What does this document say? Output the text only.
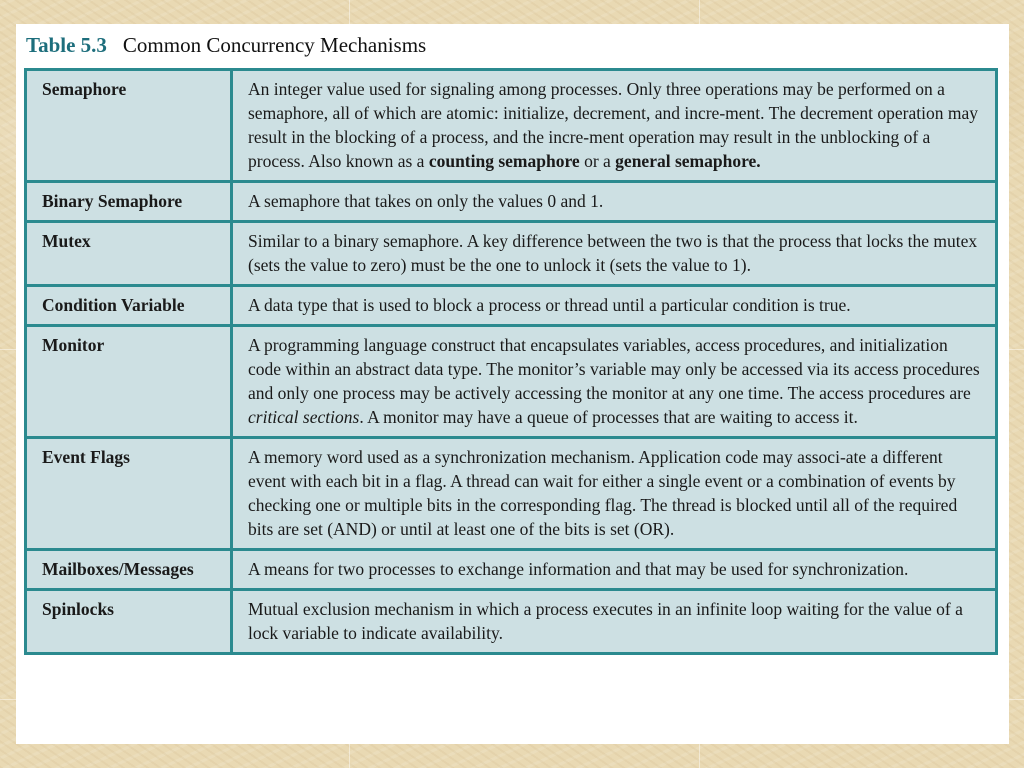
Table 5.3 Common Concurrency Mechanisms
Semaphore	An integer value used for signaling among processes. Only three operations may be performed on a semaphore, all of which are atomic: initialize, decrement, and incre-ment. The decrement operation may result in the blocking of a process, and the incre-ment operation may result in the unblocking of a process. Also known as a counting semaphore or a general semaphore.
Binary Semaphore	A semaphore that takes on only the values 0 and 1.
Mutex	Similar to a binary semaphore. A key difference between the two is that the process that locks the mutex (sets the value to zero) must be the one to unlock it (sets the value to 1).
Condition Variable	A data type that is used to block a process or thread until a particular condition is true.
Monitor	A programming language construct that encapsulates variables, access procedures, and initialization code within an abstract data type. The monitor’s variable may only be accessed via its access procedures and only one process may be actively accessing the monitor at any one time. The access procedures are critical sections. A monitor may have a queue of processes that are waiting to access it.
Event Flags	A memory word used as a synchronization mechanism. Application code may associ-ate a different event with each bit in a flag. A thread can wait for either a single event or a combination of events by checking one or multiple bits in the corresponding flag. The thread is blocked until all of the required bits are set (AND) or until at least one of the bits is set (OR).
Mailboxes/Messages	A means for two processes to exchange information and that may be used for synchronization.
Spinlocks	Mutual exclusion mechanism in which a process executes in an infinite loop waiting for the value of a lock variable to indicate availability.
